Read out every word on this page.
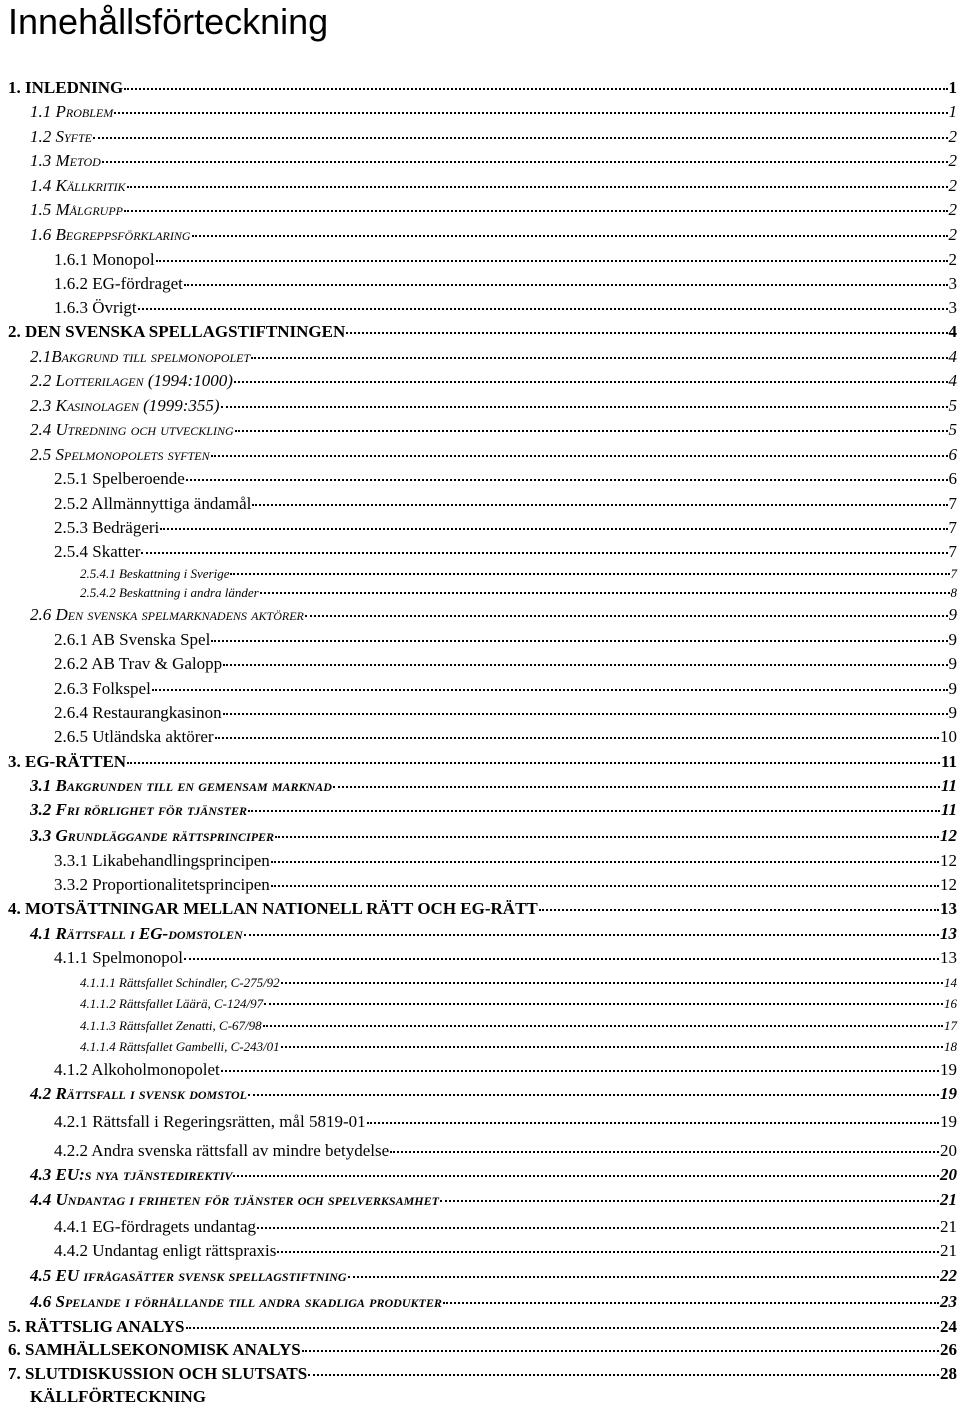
Innehållsförteckning
1. INLEDNING	1
1.1 Problem	1
1.2 Syfte	2
1.3 Metod	2
1.4 Källkritik	2
1.5 Målgrupp	2
1.6 Begreppsförklaring	2
1.6.1 Monopol	2
1.6.2 EG-fördraget	3
1.6.3 Övrigt	3
2. DEN SVENSKA SPELLAGSTIFTNINGEN	4
2.1Bakgrund till spelmonopolet	4
2.2 Lotterilagen (1994:1000)	4
2.3 Kasinolagen (1999:355)	5
2.4 Utredning och utveckling	5
2.5 Spelmonopolets syften	6
2.5.1 Spelberoende	6
2.5.2 Allmännyttiga ändamål	7
2.5.3 Bedrägeri	7
2.5.4 Skatter	7
2.5.4.1 Beskattning i Sverige	7
2.5.4.2 Beskattning i andra länder	8
2.6 Den svenska spelmarknadens aktörer	9
2.6.1 AB Svenska Spel	9
2.6.2 AB Trav & Galopp	9
2.6.3 Folkspel	9
2.6.4 Restaurangkasinon	9
2.6.5 Utländska aktörer	10
3. EG-RÄTTEN	11
3.1 Bakgrunden till en gemensam marknad	11
3.2 Fri rörlighet för tjänster	11
3.3 Grundläggande rättsprinciper	12
3.3.1 Likabehandlingsprincipen	12
3.3.2 Proportionalitetsprincipen	12
4. MOTSÄTTNINGAR MELLAN NATIONELL RÄTT OCH EG-RÄTT	13
4.1 Rättsfall i EG-domstolen	13
4.1.1 Spelmonopol	13
4.1.1.1 Rättsfallet Schindler, C-275/92	14
4.1.1.2 Rättsfallet Läärä, C-124/97	16
4.1.1.3 Rättsfallet Zenatti, C-67/98	17
4.1.1.4 Rättsfallet Gambelli, C-243/01	18
4.1.2 Alkoholmonopolet	19
4.2 Rättsfall i svensk domstol	19
4.2.1 Rättsfall i Regeringsrätten, mål 5819-01	19
4.2.2 Andra svenska rättsfall av mindre betydelse	20
4.3 EU:s nya tjänstedirektiv	20
4.4 Undantag i friheten för tjänster och spelverksamhet	21
4.4.1 EG-fördragets undantag	21
4.4.2 Undantag enligt rättspraxis	21
4.5 EU ifrågasätter svensk spellagstiftning	22
4.6 Spelande i förhållande till andra skadliga produkter	23
5. RÄTTSLIG ANALYS	24
6. SAMHÄLLSEKONOMISK ANALYS	26
7. SLUTDISKUSSION OCH SLUTSATS	28
KÄLLFÖRTECKNING
